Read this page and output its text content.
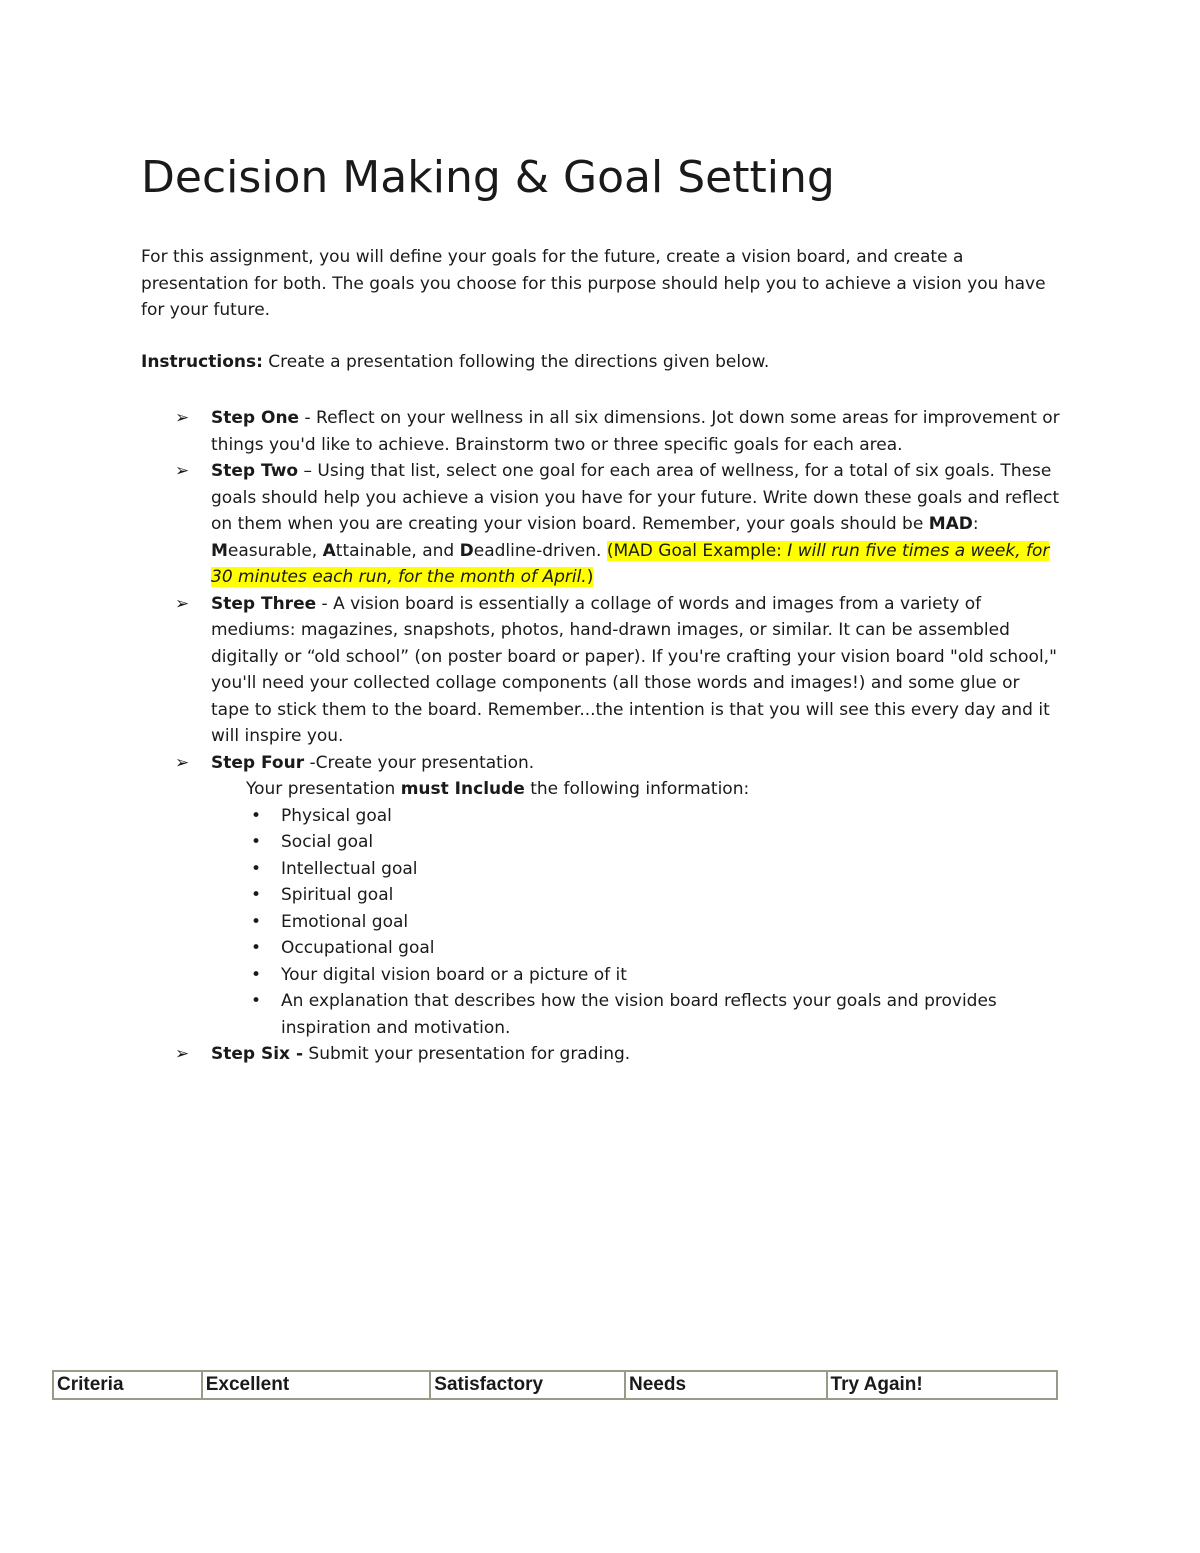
Decision Making & Goal Setting

For this assignment, you will define your goals for the future, create a vision board, and create a presentation for both. The goals you choose for this purpose should help you to achieve a vision you have for your future.

Instructions: Create a presentation following the directions given below.

➢	Step One - Reflect on your wellness in all six dimensions. Jot down some areas for improvement or things you'd like to achieve. Brainstorm two or three specific goals for each area.
➢	Step Two – Using that list, select one goal for each area of wellness, for a total of six goals. These goals should help you achieve a vision you have for your future. Write down these goals and reflect on them when you are creating your vision board. Remember, your goals should be MAD: Measurable, Attainable, and Deadline-driven. (MAD Goal Example: I will run five times a week, for 30 minutes each run, for the month of April.)
➢	Step Three - A vision board is essentially a collage of words and images from a variety of mediums: magazines, snapshots, photos, hand-drawn images, or similar. It can be assembled digitally or “old school” (on poster board or paper). If you're crafting your vision board "old school," you'll need your collected collage components (all those words and images!) and some glue or tape to stick them to the board. Remember...the intention is that you will see this every day and it will inspire you.
➢	Step Four -Create your presentation.
Your presentation must Include the following information:
• Physical goal
• Social goal
• Intellectual goal
• Spiritual goal
• Emotional goal
• Occupational goal
• Your digital vision board or a picture of it
• An explanation that describes how the vision board reflects your goals and provides inspiration and motivation.
➢	Step Six - Submit your presentation for grading.
Criteria	Excellent	Satisfactory	Needs	Try Again!
